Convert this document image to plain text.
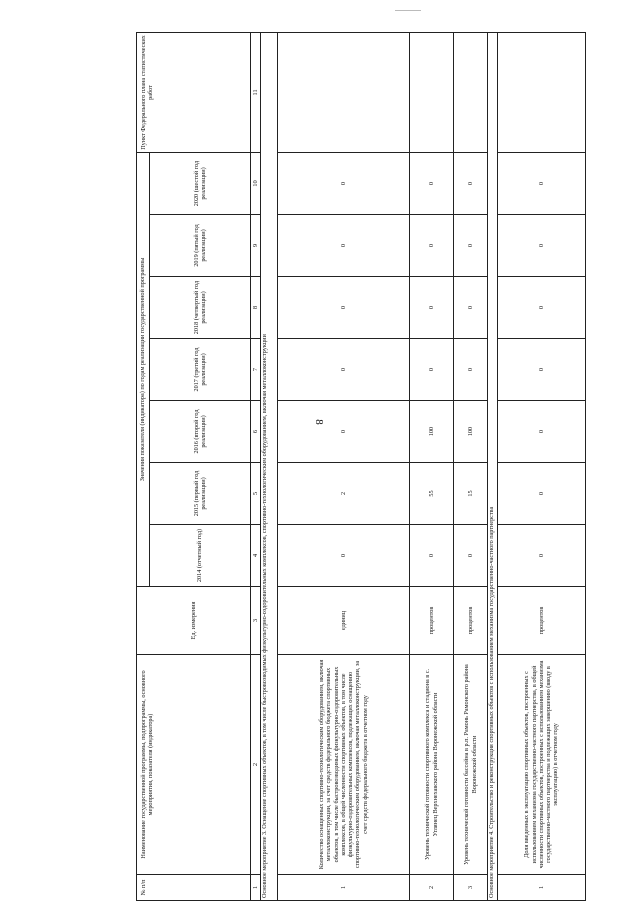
8
№ п/п	Наименование государственной программы, подпрограммы, основного мероприятия, показателя (индикатора)	Ед. измерения	Значения показателя (индикатора) по годам реализации государственной программы							Пункт Федерального плана статистических работ
			2014 (отчетный год)	2015 (первый год реализации)	2016 (второй год реализации)	2017 (третий год реализации)	2018 (четвертый год реализации)	2019 (пятый год реализации)	2020 (шестой год реализации)	
1	2	3	4	5	6	7	8	9	10	11
Основное мероприятие 3. Оснащение спортивных объектов, в том числе быстровозводимых физкультурно-оздоровительных комплексов, спортивно-технологическим оборудованием, включая металлоконструкции										
1	Количество оснащенных спортивно-технологическим оборудованием, включая металлоконструкции, за счет средств федерального бюджета спортивных объектов, в том числе быстровозводимых физкультурно-оздоровительных комплексов, в общей численности спортивных объектов, в том числе физкультурно-оздоровительных комплексов, подлежащих оснащению спортивно-технологическим оборудованием, включая металлоконструкции, за счет средств федерального бюджета в отчетном году	единиц	0	2	0	0	0	0	0	
2	Уровень технической готовности спортивного комплекса и стадиона в с. Углянец Верхнехавского района Воронежской области	процентов	0	55	100	0	0	0	0	
3	Уровень технической готовности бассейна в р.п. Рамонь Рамонского района Воронежской области	процентов	0	15	100	0	0	0	0	
Основное мероприятие 4. Строительство и реконструкция спортивных объектов с использованием механизма государственно-частного партнерства										
1	Доля введенных в эксплуатацию спортивных объектов, построенных с использованием механизма государственно-частного партнерства, в общей численности спортивных объектов, построенных с использованием механизма государственно-частного партнерства и подлежащих завершению (вводу в эксплуатацию) в отчетном году	процентов	0	0	0	0	0	0	0	
